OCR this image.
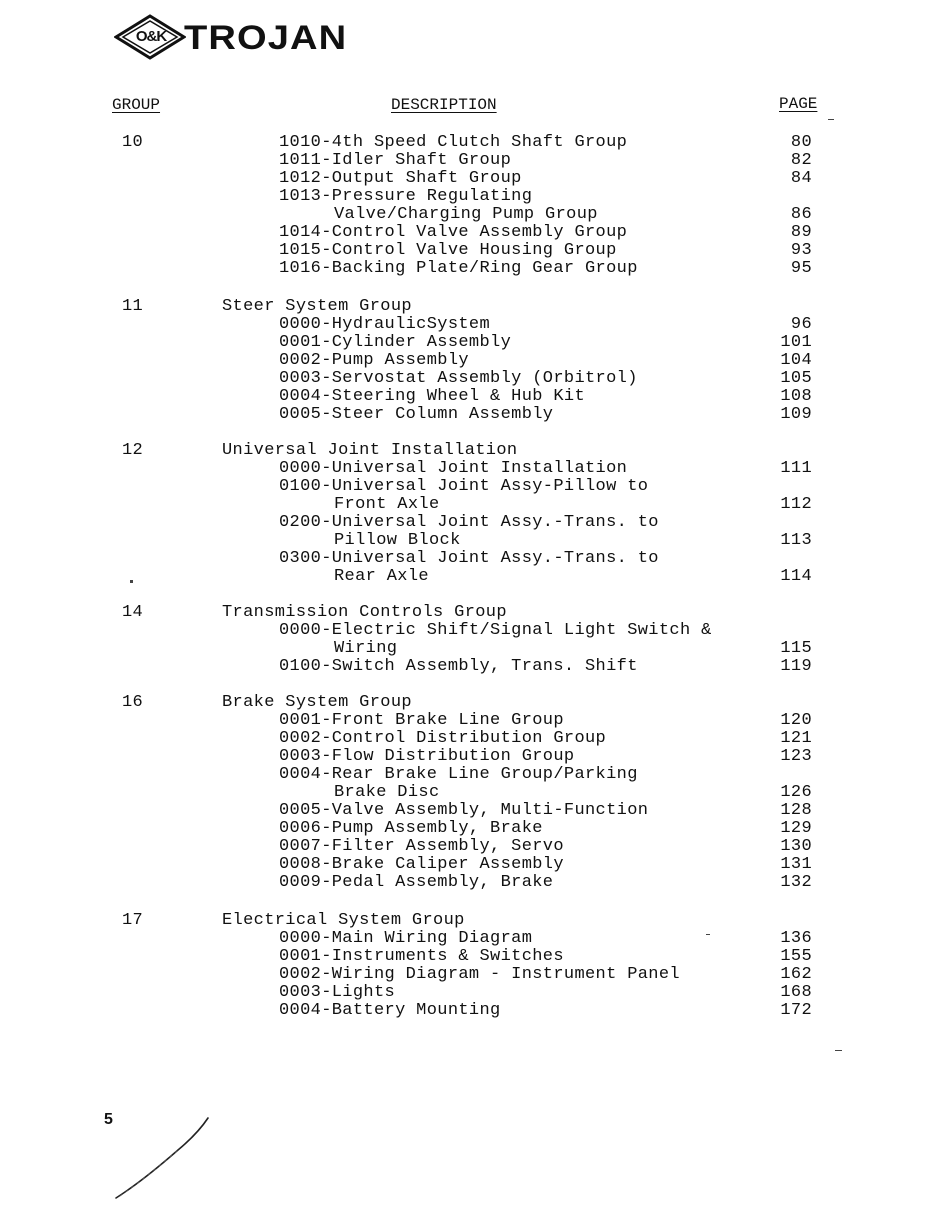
O&K TROJAN
GROUP	DESCRIPTION	PAGE
10	1010-4th Speed Clutch Shaft Group	80
1011-Idler Shaft Group	82
1012-Output Shaft Group	84
1013-Pressure Regulating
Valve/Charging Pump Group	86
1014-Control Valve Assembly Group	89
1015-Control Valve Housing Group	93
1016-Backing Plate/Ring Gear Group	95
11	Steer System Group
0000-HydraulicSystem	96
0001-Cylinder Assembly	101
0002-Pump Assembly	104
0003-Servostat Assembly (Orbitrol)	105
0004-Steering Wheel & Hub Kit	108
0005-Steer Column Assembly	109
12	Universal Joint Installation
0000-Universal Joint Installation	111
0100-Universal Joint Assy-Pillow to
Front Axle	112
0200-Universal Joint Assy.-Trans. to
Pillow Block	113
0300-Universal Joint Assy.-Trans. to
Rear Axle	114
14	Transmission Controls Group
0000-Electric Shift/Signal Light Switch &
Wiring	115
0100-Switch Assembly, Trans. Shift	119
16	Brake System Group
0001-Front Brake Line Group	120
0002-Control Distribution Group	121
0003-Flow Distribution Group	123
0004-Rear Brake Line Group/Parking
Brake Disc	126
0005-Valve Assembly, Multi-Function	128
0006-Pump Assembly, Brake	129
0007-Filter Assembly, Servo	130
0008-Brake Caliper Assembly	131
0009-Pedal Assembly, Brake	132
17	Electrical System Group
0000-Main Wiring Diagram	136
0001-Instruments & Switches	155
0002-Wiring Diagram - Instrument Panel	162
0003-Lights	168
0004-Battery Mounting	172
5
